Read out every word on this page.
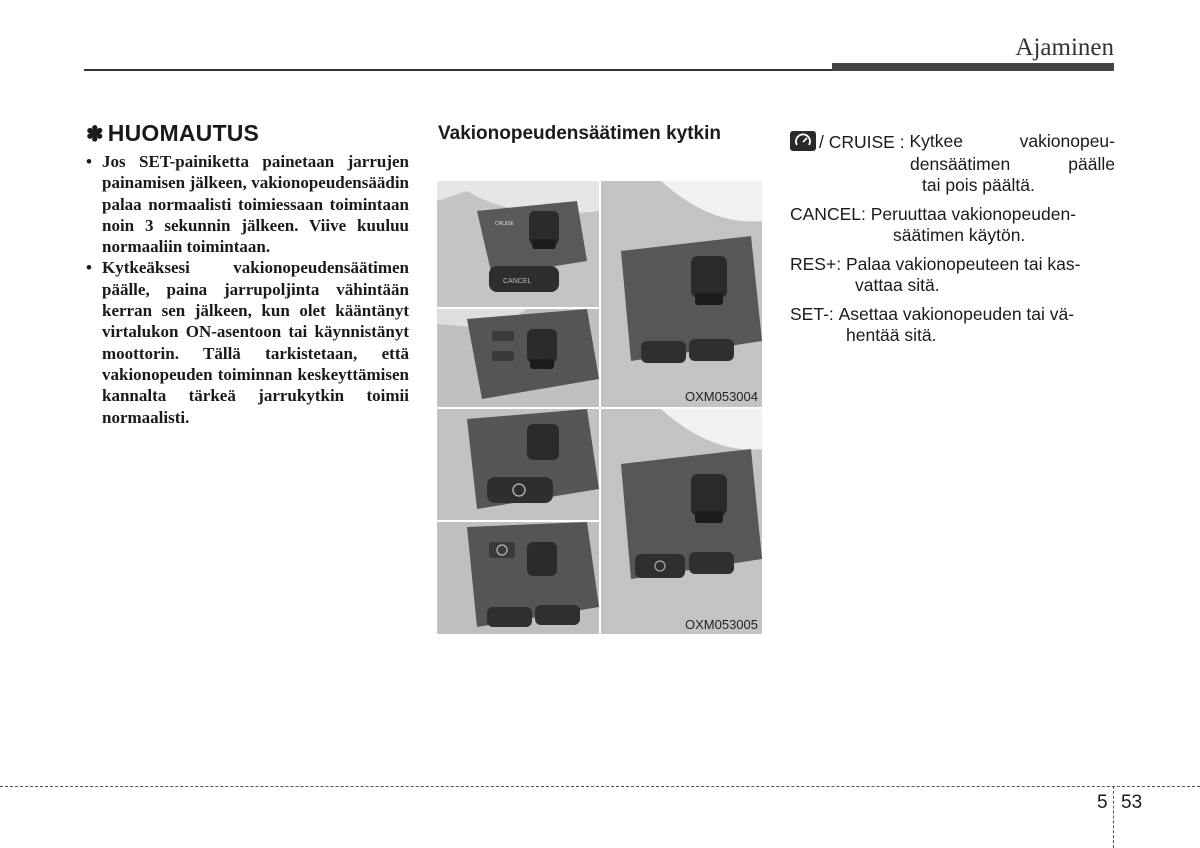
Ajaminen
✽ HUOMAUTUS
• Jos SET-painiketta painetaan jarrujen painamisen jälkeen, vakionopeudensäädin palaa normaalisti toimiessaan toimintaan noin 3 sekunnin jälkeen. Viive kuuluu normaaliin toimintaan.
• Kytkeäksesi vakionopeudensäätimen päälle, paina jarrupoljinta vähintään kerran sen jälkeen, kun olet kääntänyt virtalukon ON-asentoon tai käynnistänyt moottorin. Tällä tarkistetaan, että vakionopeuden toiminnan keskeyttämisen kannalta tärkeä jarrukytkin toimii normaalisti.
Vakionopeudensäätimen kytkin
CANCEL
CRUISE
OXM053004
OXM053005
/ CRUISE : Kytkee vakionopeu-
densäätimen päälle
tai pois päältä.
CANCEL: Peruuttaa vakionopeuden-
säätimen käytön.
RES+: Palaa vakionopeuteen tai kas-
vattaa sitä.
SET-: Asettaa vakionopeuden tai vä-
hentää sitä.
5 53
